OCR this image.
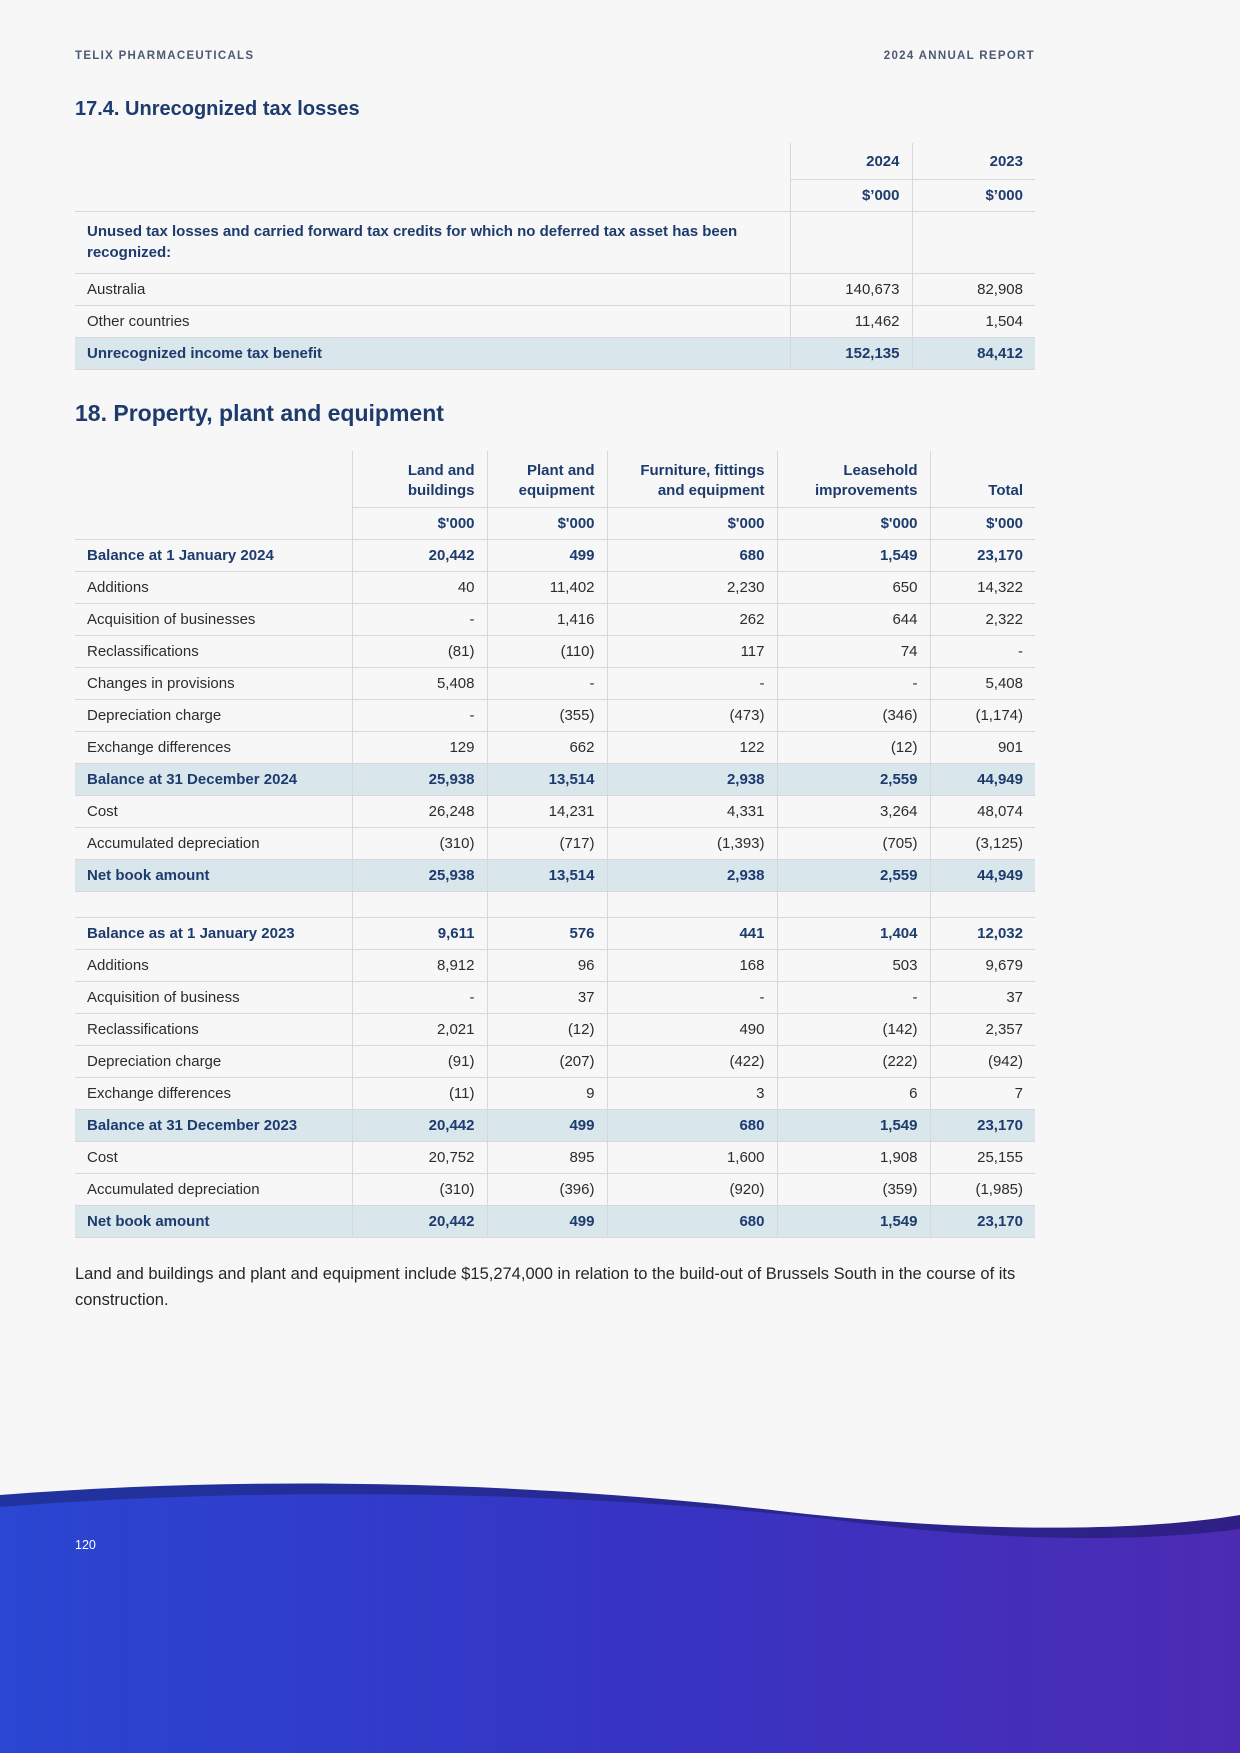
TELIX PHARMACEUTICALS	2024 ANNUAL REPORT
17.4. Unrecognized tax losses
	2024	2023
	$’000	$’000
Unused tax losses and carried forward tax credits for which no deferred tax asset has been recognized:		
Australia	140,673	82,908
Other countries	11,462	1,504
Unrecognized income tax benefit	152,135	84,412
18. Property, plant and equipment
	Land and buildings	Plant and equipment	Furniture, fittings and equipment	Leasehold improvements	Total
	$'000	$'000	$'000	$'000	$'000
Balance at 1 January 2024	20,442	499	680	1,549	23,170
Additions	40	11,402	2,230	650	14,322
Acquisition of businesses	-	1,416	262	644	2,322
Reclassifications	(81)	(110)	117	74	-
Changes in provisions	5,408	-	-	-	5,408
Depreciation charge	-	(355)	(473)	(346)	(1,174)
Exchange differences	129	662	122	(12)	901
Balance at 31 December 2024	25,938	13,514	2,938	2,559	44,949
Cost	26,248	14,231	4,331	3,264	48,074
Accumulated depreciation	(310)	(717)	(1,393)	(705)	(3,125)
Net book amount	25,938	13,514	2,938	2,559	44,949

Balance as at 1 January 2023	9,611	576	441	1,404	12,032
Additions	8,912	96	168	503	9,679
Acquisition of business	-	37	-	-	37
Reclassifications	2,021	(12)	490	(142)	2,357
Depreciation charge	(91)	(207)	(422)	(222)	(942)
Exchange differences	(11)	9	3	6	7
Balance at 31 December 2023	20,442	499	680	1,549	23,170
Cost	20,752	895	1,600	1,908	25,155
Accumulated depreciation	(310)	(396)	(920)	(359)	(1,985)
Net book amount	20,442	499	680	1,549	23,170

Land and buildings and plant and equipment include $15,274,000 in relation to the build-out of Brussels South in the course of its construction.

120
